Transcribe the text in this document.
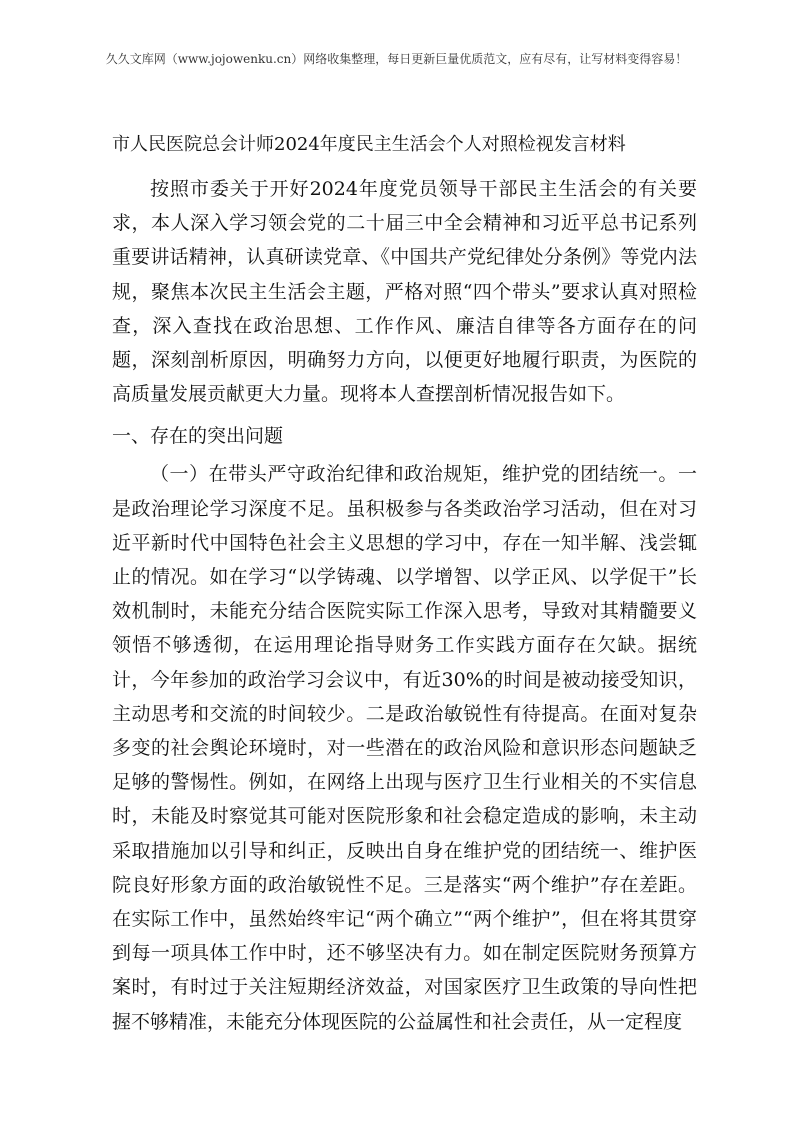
久久文库网（www.jojowenku.cn）网络收集整理，每日更新巨量优质范文，应有尽有，让写材料变得容易！
市人民医院总会计师2024年度民主生活会个人对照检视发言材料

按照市委关于开好2024年度党员领导干部民主生活会的有关要求，本人深入学习领会党的二十届三中全会精神和习近平总书记系列重要讲话精神，认真研读党章、《中国共产党纪律处分条例》等党内法规，聚焦本次民主生活会主题，严格对照“四个带头”要求认真对照检查，深入查找在政治思想、工作作风、廉洁自律等各方面存在的问题，深刻剖析原因，明确努力方向，以便更好地履行职责，为医院的高质量发展贡献更大力量。现将本人查摆剖析情况报告如下。

一、存在的突出问题

（一）在带头严守政治纪律和政治规矩，维护党的团结统一。一是政治理论学习深度不足。虽积极参与各类政治学习活动，但在对习近平新时代中国特色社会主义思想的学习中，存在一知半解、浅尝辄止的情况。如在学习“以学铸魂、以学增智、以学正风、以学促干”长效机制时，未能充分结合医院实际工作深入思考，导致对其精髓要义领悟不够透彻，在运用理论指导财务工作实践方面存在欠缺。据统计，今年参加的政治学习会议中，有近30%的时间是被动接受知识，主动思考和交流的时间较少。二是政治敏锐性有待提高。在面对复杂多变的社会舆论环境时，对一些潜在的政治风险和意识形态问题缺乏足够的警惕性。例如，在网络上出现与医疗卫生行业相关的不实信息时，未能及时察觉其可能对医院形象和社会稳定造成的影响，未主动采取措施加以引导和纠正，反映出自身在维护党的团结统一、维护医院良好形象方面的政治敏锐性不足。三是落实“两个维护”存在差距。在实际工作中，虽然始终牢记“两个确立”“两个维护”，但在将其贯穿到每一项具体工作中时，还不够坚决有力。如在制定医院财务预算方案时，有时过于关注短期经济效益，对国家医疗卫生政策的导向性把握不够精准，未能充分体现医院的公益属性和社会责任，从一定程度
